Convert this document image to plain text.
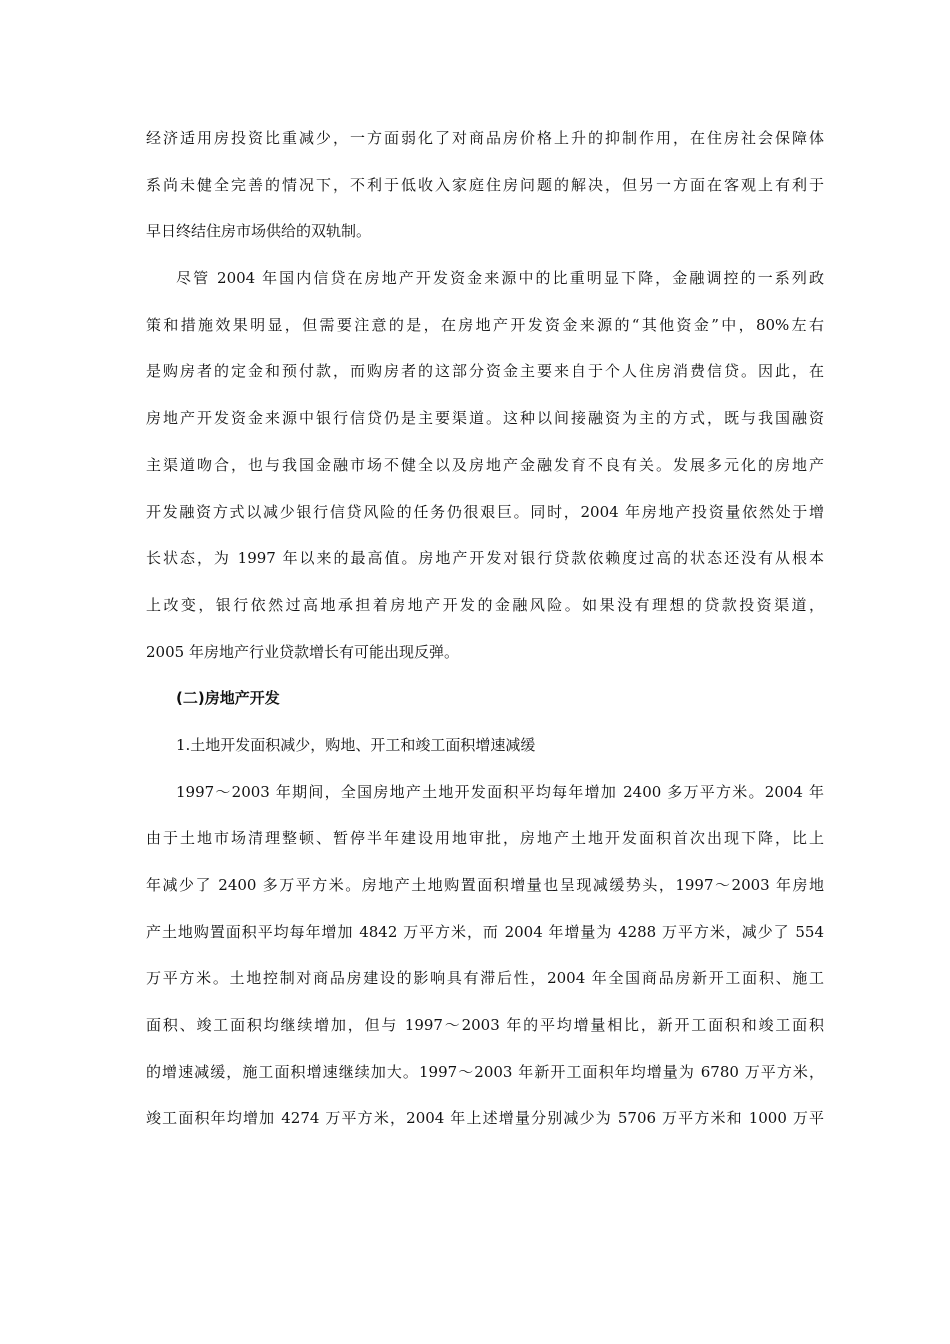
经济适用房投资比重减少，一方面弱化了对商品房价格上升的抑制作用，在住房社会保障体
系尚未健全完善的情况下，不利于低收入家庭住房问题的解决，但另一方面在客观上有利于
早日终结住房市场供给的双轨制。
尽管 2004 年国内信贷在房地产开发资金来源中的比重明显下降，金融调控的一系列政
策和措施效果明显，但需要注意的是，在房地产开发资金来源的“其他资金”中，80%左右
是购房者的定金和预付款，而购房者的这部分资金主要来自于个人住房消费信贷。因此，在
房地产开发资金来源中银行信贷仍是主要渠道。这种以间接融资为主的方式，既与我国融资
主渠道吻合，也与我国金融市场不健全以及房地产金融发育不良有关。发展多元化的房地产
开发融资方式以减少银行信贷风险的任务仍很艰巨。同时，2004 年房地产投资量依然处于增
长状态，为 1997 年以来的最高值。房地产开发对银行贷款依赖度过高的状态还没有从根本
上改变，银行依然过高地承担着房地产开发的金融风险。如果没有理想的贷款投资渠道，
2005 年房地产行业贷款增长有可能出现反弹。
(二)房地产开发
1.土地开发面积减少，购地、开工和竣工面积增速减缓
1997～2003 年期间，全国房地产土地开发面积平均每年增加 2400 多万平方米。2004 年
由于土地市场清理整顿、暂停半年建设用地审批，房地产土地开发面积首次出现下降，比上
年减少了 2400 多万平方米。房地产土地购置面积增量也呈现减缓势头，1997～2003 年房地
产土地购置面积平均每年增加 4842 万平方米，而 2004 年增量为 4288 万平方米，减少了 554
万平方米。土地控制对商品房建设的影响具有滞后性，2004 年全国商品房新开工面积、施工
面积、竣工面积均继续增加，但与 1997～2003 年的平均增量相比，新开工面积和竣工面积
的增速减缓，施工面积增速继续加大。1997～2003 年新开工面积年均增量为 6780 万平方米，
竣工面积年均增加 4274 万平方米，2004 年上述增量分别减少为 5706 万平方米和 1000 万平
